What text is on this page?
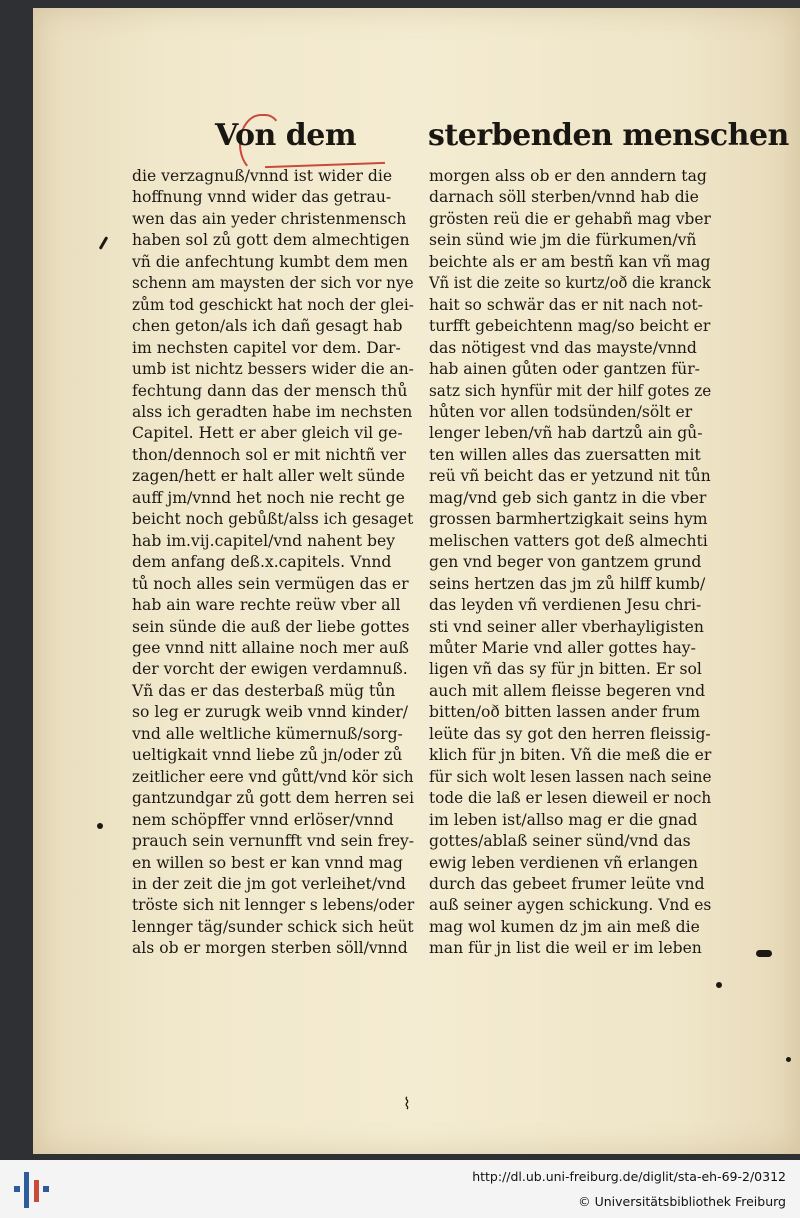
Von dem sterbenden menschen
die verzagnuß/vnnd ist wider die
hoffnung vnnd wider das getrau-
wen das ain yeder christenmensch
haben sol zů gott dem almechtigen
vñ die anfechtung kumbt dem men
schenn am maysten der sich vor nye
zům tod geschickt hat noch der glei-
chen geton/als ich dañ gesagt hab
im nechsten capitel vor dem. Dar-
umb ist nichtz bessers wider die an-
fechtung dann das der mensch thů
alss ich geradten habe im nechsten
Capitel. Hett er aber gleich vil ge-
thon/dennoch sol er mit nichtñ ver
zagen/hett er halt aller welt sünde
auff jm/vnnd het noch nie recht ge
beicht noch gebůßt/alss ich gesaget
hab im.vij.capitel/vnd nahent bey
dem anfang deß.x.capitels. Vnnd
tů noch alles sein vermügen das er
hab ain ware rechte reüw vber all
sein sünde die auß der liebe gottes
gee vnnd nitt allaine noch mer auß
der vorcht der ewigen verdamnuß.
Vñ das er das desterbaß müg tůn
so leg er zurugk weib vnnd kinder/
vnd alle weltliche kümernuß/sorg-
ueltigkait vnnd liebe zů jn/oder zů
zeitlicher eere vnd gůtt/vnd kör sich
gantzundgar zů gott dem herren sei
nem schöpffer vnnd erlöser/vnnd
prauch sein vernunfft vnd sein frey-
en willen so best er kan vnnd mag
in der zeit die jm got verleihet/vnd
tröste sich nit lennger s lebens/oder
lennger täg/sunder schick sich heüt
als ob er morgen sterben söll/vnnd
morgen alss ob er den anndern tag
darnach söll sterben/vnnd hab die
grösten reü die er gehabñ mag vber
sein sünd wie jm die fürkumen/vñ
beichte als er am bestñ kan vñ mag
Vñ ist die zeite so kurtz/oð die kranck
hait so schwär das er nit nach not-
turfft gebeichtenn mag/so beicht er
das nötigest vnd das mayste/vnnd
hab ainen gůten oder gantzen für-
satz sich hynfür mit der hilf gotes ze
hůten vor allen todsünden/sölt er
lenger leben/vñ hab dartzů ain gů-
ten willen alles das zuersatten mit
reü vñ beicht das er yetzund nit tůn
mag/vnd geb sich gantz in die vber
grossen barmhertzigkait seins hym
melischen vatters got deß almechti
gen vnd beger von gantzem grund
seins hertzen das jm zů hilff kumb/
das leyden vñ verdienen Jesu chri-
sti vnd seiner aller vberhayligisten
můter Marie vnd aller gottes hay-
ligen vñ das sy für jn bitten. Er sol
auch mit allem fleisse begeren vnd
bitten/oð bitten lassen ander frum
leüte das sy got den herren fleissig-
klich für jn biten. Vñ die meß die er
für sich wolt lesen lassen nach seine
tode die laß er lesen dieweil er noch
im leben ist/allso mag er die gnad
gottes/ablaß seiner sünd/vnd das
ewig leben verdienen vñ erlangen
durch das gebeet frumer leüte vnd
auß seiner aygen schickung. Vnd es
mag wol kumen dz jm ain meß die
man für jn list die weil er im leben
⌇
http://dl.ub.uni-freiburg.de/diglit/sta-eh-69-2/0312
© Universitätsbibliothek Freiburg
